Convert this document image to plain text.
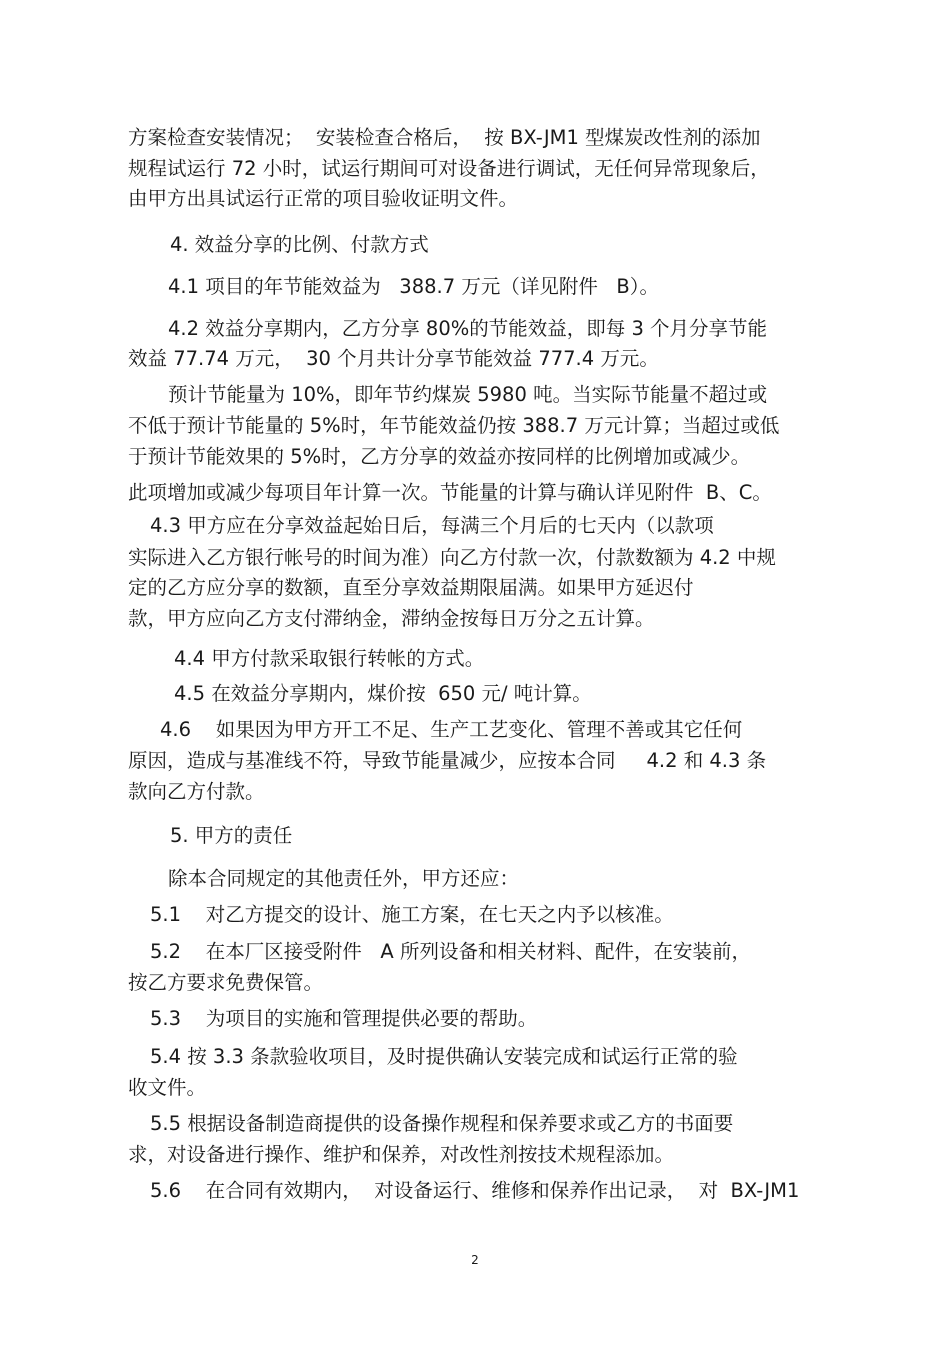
方案检查安装情况；  安装检查合格后，  按 BX-JM1 型煤炭改性剂的添加
规程试运行 72 小时，试运行期间可对设备进行调试，无任何异常现象后，
由甲方出具试运行正常的项目验收证明文件。
4. 效益分享的比例、付款方式
4.1 项目的年节能效益为   388.7 万元（详见附件   B）。
4.2 效益分享期内，乙方分享 80%的节能效益，即每 3 个月分享节能
效益 77.74 万元，  30 个月共计分享节能效益 777.4 万元。
预计节能量为 10%，即年节约煤炭 5980 吨。当实际节能量不超过或
不低于预计节能量的 5%时，年节能效益仍按 388.7 万元计算；当超过或低
于预计节能效果的 5%时，乙方分享的效益亦按同样的比例增加或减少。
此项增加或减少每项目年计算一次。节能量的计算与确认详见附件  B、C。
4.3 甲方应在分享效益起始日后，每满三个月后的七天内（以款项
实际进入乙方银行帐号的时间为准）向乙方付款一次，付款数额为 4.2 中规
定的乙方应分享的数额，直至分享效益期限届满。如果甲方延迟付
款，甲方应向乙方支付滞纳金，滞纳金按每日万分之五计算。
4.4 甲方付款采取银行转帐的方式。
4.5 在效益分享期内，煤价按  650 元/ 吨计算。
4.6    如果因为甲方开工不足、生产工艺变化、管理不善或其它任何
原因，造成与基准线不符，导致节能量减少，应按本合同     4.2 和 4.3 条
款向乙方付款。
5. 甲方的责任
除本合同规定的其他责任外，甲方还应：
5.1    对乙方提交的设计、施工方案，在七天之内予以核准。
5.2    在本厂区接受附件   A 所列设备和相关材料、配件，在安装前，
按乙方要求免费保管。
5.3    为项目的实施和管理提供必要的帮助。
5.4 按 3.3 条款验收项目，及时提供确认安装完成和试运行正常的验
收文件。
5.5 根据设备制造商提供的设备操作规程和保养要求或乙方的书面要
求，对设备进行操作、维护和保养，对改性剂按技术规程添加。
5.6    在合同有效期内，  对设备运行、维修和保养作出记录，  对  BX-JM1
2
